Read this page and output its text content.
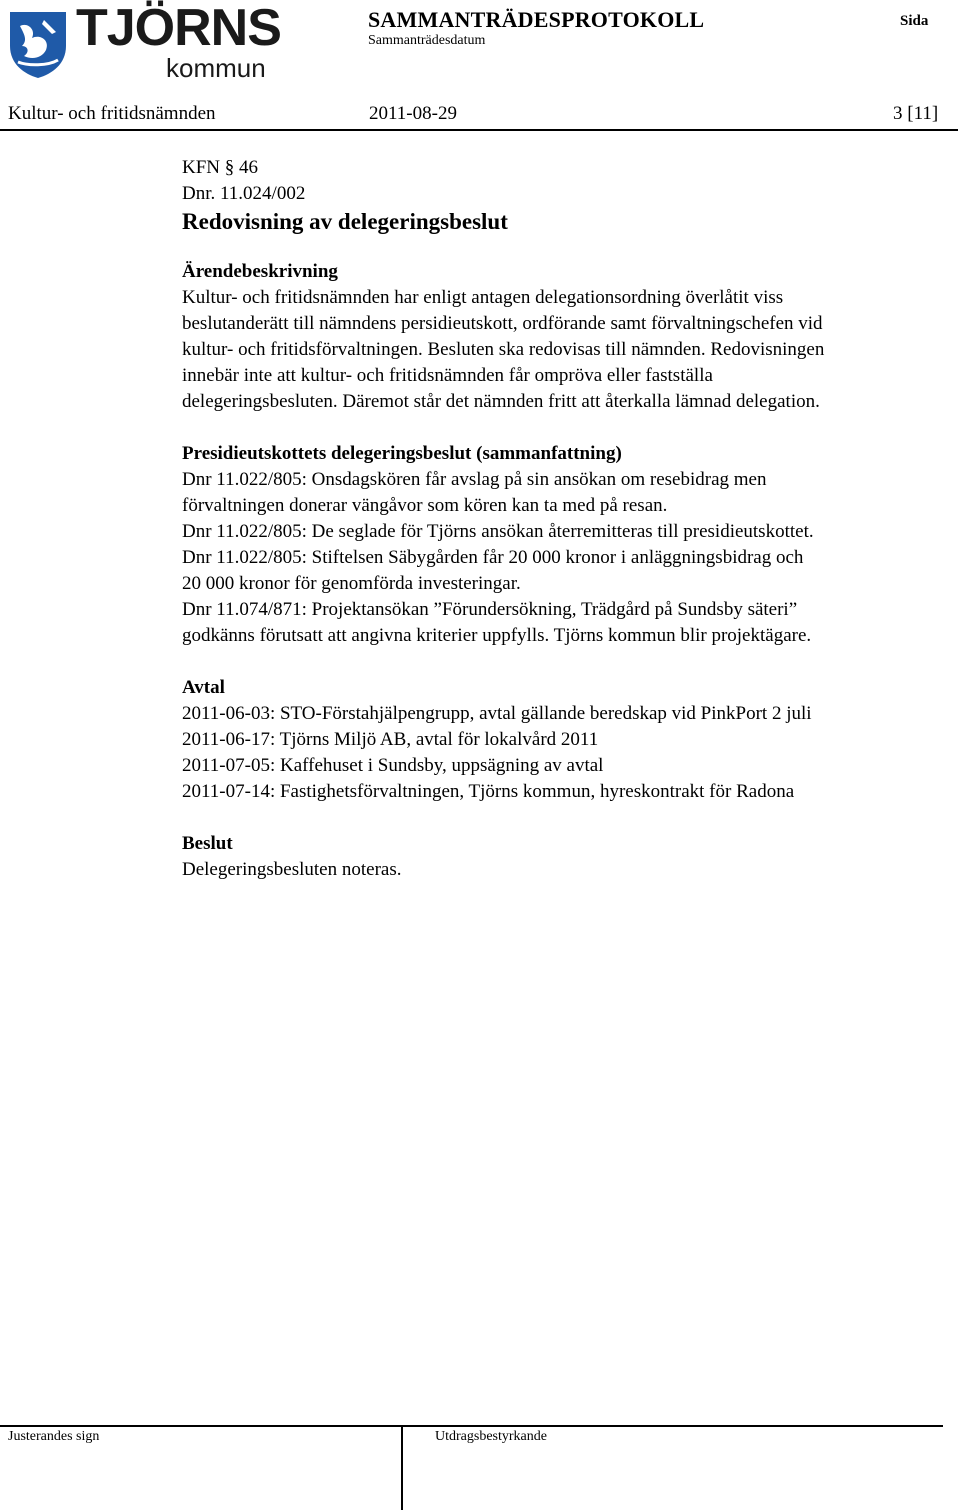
TJÖRNS
kommun
SAMMANTRÄDESPROTOKOLL
Sammanträdesdatum
Sida
Kultur- och fritidsnämnden	2011-08-29	3 [11]

KFN § 46

Dnr. 11.024/002

Redovisning av delegeringsbeslut

Ärendebeskrivning

Kultur- och fritidsnämnden har enligt antagen delegationsordning överlåtit viss

beslutanderätt till nämndens persidieutskott, ordförande samt förvaltningschefen vid

kultur- och fritidsförvaltningen. Besluten ska redovisas till nämnden. Redovisningen

innebär inte att kultur- och fritidsnämnden får ompröva eller fastställa

delegeringsbesluten. Däremot står det nämnden fritt att återkalla lämnad delegation.

Presidieutskottets delegeringsbeslut (sammanfattning)

Dnr 11.022/805: Onsdagskören får avslag på sin ansökan om resebidrag men

förvaltningen donerar vängåvor som kören kan ta med på resan.

Dnr 11.022/805: De seglade för Tjörns ansökan återremitteras till presidieutskottet.

Dnr 11.022/805: Stiftelsen Säbygården får 20 000 kronor i anläggningsbidrag och

20 000 kronor för genomförda investeringar.

Dnr 11.074/871: Projektansökan ”Förundersökning, Trädgård på Sundsby säteri”

godkänns förutsatt att angivna kriterier uppfylls. Tjörns kommun blir projektägare.

Avtal

2011-06-03: STO-Förstahjälpengrupp, avtal gällande beredskap vid PinkPort 2 juli

2011-06-17: Tjörns Miljö AB, avtal för lokalvård 2011

2011-07-05: Kaffehuset i Sundsby, uppsägning av avtal

2011-07-14: Fastighetsförvaltningen, Tjörns kommun, hyreskontrakt för Radona

Beslut

Delegeringsbesluten noteras.

Justerandes sign	Utdragsbestyrkande
